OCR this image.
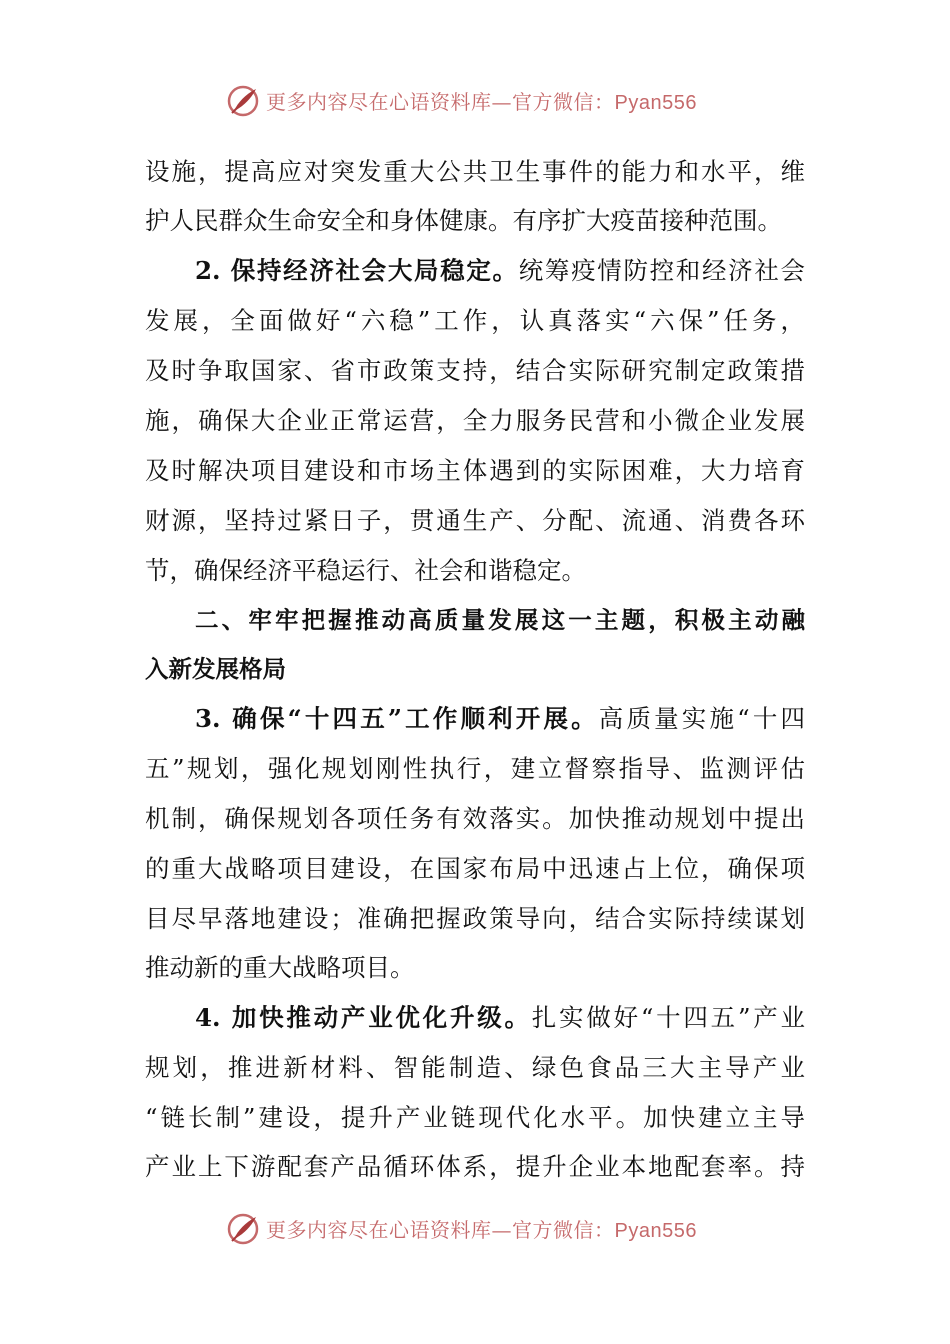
更多内容尽在心语资料库—官方微信：Pyan556
设施，提高应对突发重大公共卫生事件的能力和水平，维
护人民群众生命安全和身体健康。有序扩大疫苗接种范围。
2. 保持经济社会大局稳定。统筹疫情防控和经济社会
发展，全面做好“六稳”工作，认真落实“六保”任务，
及时争取国家、省市政策支持，结合实际研究制定政策措
施，确保大企业正常运营，全力服务民营和小微企业发展
及时解决项目建设和市场主体遇到的实际困难，大力培育
财源，坚持过紧日子，贯通生产、分配、流通、消费各环
节，确保经济平稳运行、社会和谐稳定。
二、牢牢把握推动高质量发展这一主题，积极主动融
入新发展格局
3. 确保“十四五”工作顺利开展。高质量实施“十四
五”规划，强化规划刚性执行，建立督察指导、监测评估
机制，确保规划各项任务有效落实。加快推动规划中提出
的重大战略项目建设，在国家布局中迅速占上位，确保项
目尽早落地建设；准确把握政策导向，结合实际持续谋划
推动新的重大战略项目。
4. 加快推动产业优化升级。扎实做好“十四五”产业
规划，推进新材料、智能制造、绿色食品三大主导产业
“链长制”建设，提升产业链现代化水平。加快建立主导
产业上下游配套产品循环体系，提升企业本地配套率。持
更多内容尽在心语资料库—官方微信：Pyan556
